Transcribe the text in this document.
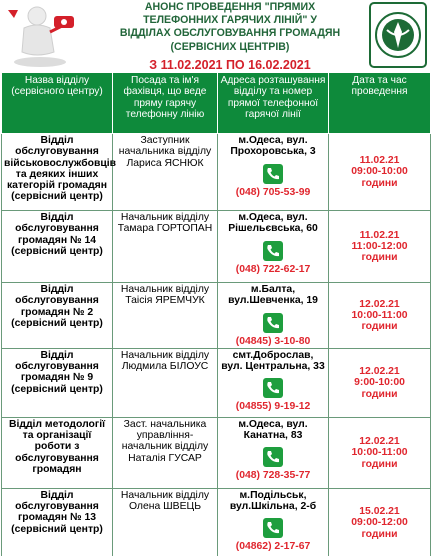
АНОНС ПРОВЕДЕННЯ "ПРЯМИХ
ТЕЛЕФОННИХ ГАРЯЧИХ ЛІНІЙ" У
ВІДДІЛАХ ОБСЛУГОВУВАННЯ ГРОМАДЯН
(СЕРВІСНИХ ЦЕНТРІВ)
З 11.02.2021 ПО 16.02.2021
Назва відділу (сервісного центру)	Посада та ім'я фахівця, що веде пряму гарячу телефонну лінію	Адреса розташування відділу та номер прямої телефонної гарячої лінії	Дата та час проведення

Відділ обслуговування військовослужбовців та деяких інших категорій громадян (сервісний центр)	Заступник начальника відділу Лариса ЯСНЮК	м.Одеса, вул.
Прохоровська, 3
(048) 705-53-99	11.02.21
09:00-10:00
години

Відділ обслуговування громадян № 14 (сервісний центр)	Начальник відділу Тамара ГОРТОПАН	м.Одеса, вул.
Рішельєвська, 60
(048) 722-62-17	11.02.21
11:00-12:00
години

Відділ обслуговування громадян № 2 (сервісний центр)	Начальник відділу Таісія ЯРЕМЧУК	м.Балта,
вул.Шевченка, 19
(04845) 3-10-80	12.02.21
10:00-11:00
години

Відділ обслуговування громадян № 9 (сервісний центр)	Начальник відділу Людмила БІЛОУС	смт.Доброслав,
вул. Центральна, 33
(04855) 9-19-12	12.02.21
9:00-10:00
години

Відділ методології та організації роботи з обслуговування громадян	Заст. начальника управління-начальник відділу Наталія ГУСАР	м.Одеса, вул.
Канатна, 83
(048) 728-35-77	12.02.21
10:00-11:00
години

Відділ обслуговування громадян № 13 (сервісний центр)	Начальник відділу Олена ШВЕЦЬ	м.Подільськ,
вул.Шкільна, 2-б
(04862) 2-17-67	15.02.21
09:00-12:00
години
